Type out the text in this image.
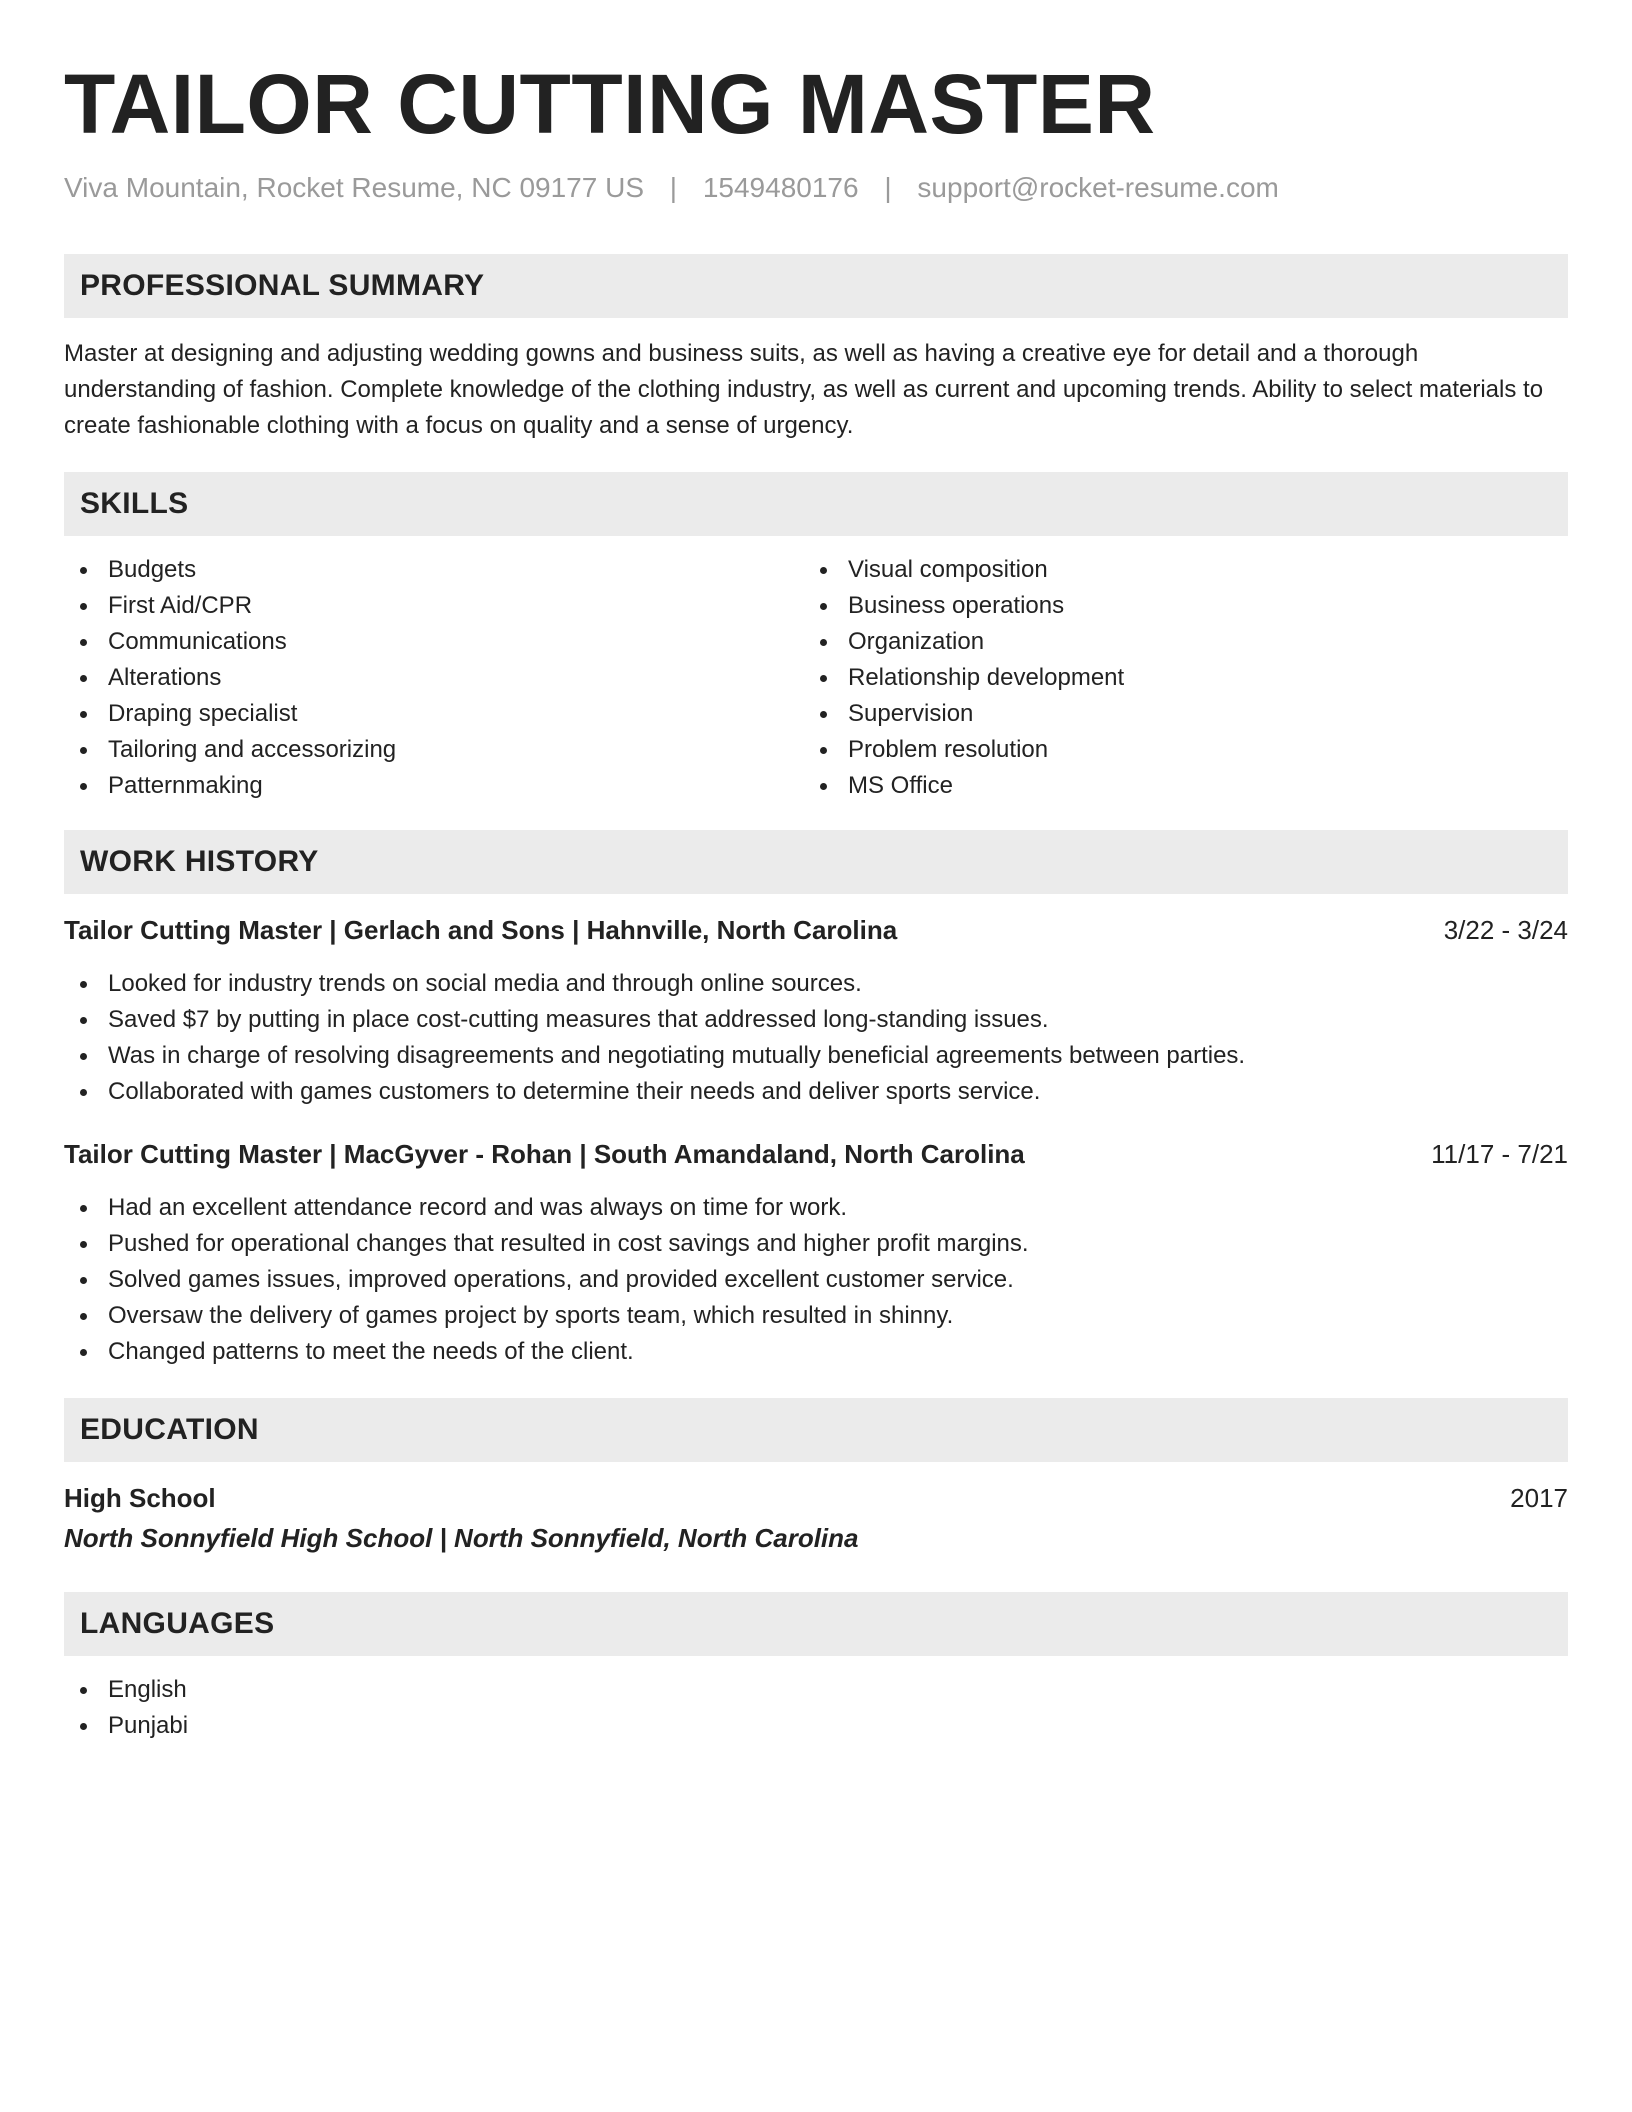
TAILOR CUTTING MASTER
Viva Mountain, Rocket Resume, NC 09177 US | 1549480176 | support@rocket-resume.com
PROFESSIONAL SUMMARY

Master at designing and adjusting wedding gowns and business suits, as well as having a creative eye for detail and a thorough understanding of fashion. Complete knowledge of the clothing industry, as well as current and upcoming trends. Ability to select materials to create fashionable clothing with a focus on quality and a sense of urgency.

SKILLS
Budgets
First Aid/CPR
Communications
Alterations
Draping specialist
Tailoring and accessorizing
Patternmaking
Visual composition
Business operations
Organization
Relationship development
Supervision
Problem resolution
MS Office
WORK HISTORY
Tailor Cutting Master | Gerlach and Sons | Hahnville, North Carolina	3/22 - 3/24
Looked for industry trends on social media and through online sources.
Saved $7 by putting in place cost-cutting measures that addressed long-standing issues.
Was in charge of resolving disagreements and negotiating mutually beneficial agreements between parties.
Collaborated with games customers to determine their needs and deliver sports service.
Tailor Cutting Master | MacGyver - Rohan | South Amandaland, North Carolina	11/17 - 7/21
Had an excellent attendance record and was always on time for work.
Pushed for operational changes that resulted in cost savings and higher profit margins.
Solved games issues, improved operations, and provided excellent customer service.
Oversaw the delivery of games project by sports team, which resulted in shinny.
Changed patterns to meet the needs of the client.
EDUCATION
High School	2017
North Sonnyfield High School | North Sonnyfield, North Carolina
LANGUAGES
English
Punjabi
